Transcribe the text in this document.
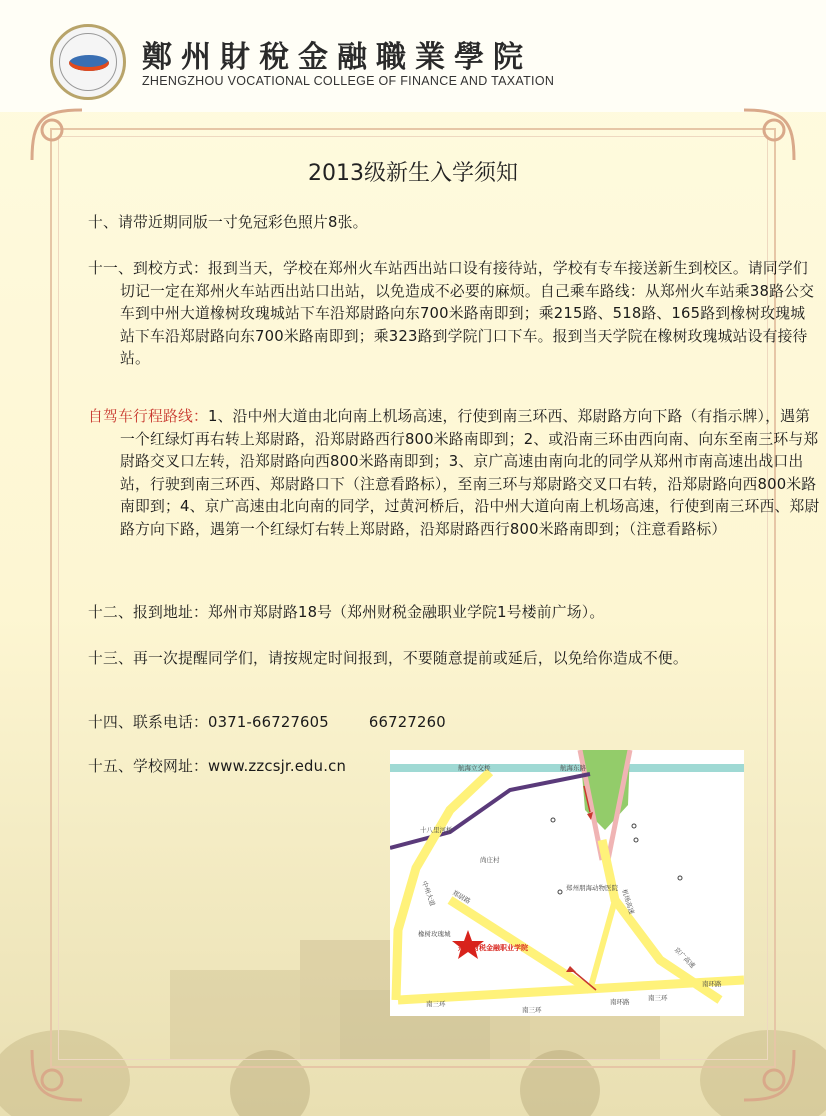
鄭州財稅金融職業學院
ZHENGZHOU VOCATIONAL COLLEGE OF FINANCE AND TAXATION
2013级新生入学须知
十、请带近期同版一寸免冠彩色照片8张。
十一、到校方式：报到当天，学校在郑州火车站西出站口设有接待站，学校有专车接送新生到校区。请同学们切记一定在郑州火车站西出站口出站，以免造成不必要的麻烦。自己乘车路线：从郑州火车站乘38路公交车到中州大道橡树玫瑰城站下车沿郑尉路向东700米路南即到；乘215路、518路、165路到橡树玫瑰城站下车沿郑尉路向东700米路南即到；乘323路到学院门口下车。报到当天学院在橡树玫瑰城站设有接待站。
自驾车行程路线：1、沿中州大道由北向南上机场高速，行使到南三环西、郑尉路方向下路（有指示牌），遇第一个红绿灯再右转上郑尉路，沿郑尉路西行800米路南即到；2、或沿南三环由西向南、向东至南三环与郑尉路交叉口左转，沿郑尉路向西800米路南即到；3、京广高速由南向北的同学从郑州市南高速出战口出站，行驶到南三环西、郑尉路口下（注意看路标），至南三环与郑尉路交叉口右转，沿郑尉路向西800米路南即到；4、京广高速由北向南的同学，过黄河桥后，沿中州大道向南上机场高速，行使到南三环西、郑尉路方向下路，遇第一个红绿灯右转上郑尉路，沿郑尉路西行800米路南即到；（注意看路标）
十二、报到地址：郑州市郑尉路18号（郑州财税金融职业学院1号楼前广场）。
十三、再一次提醒同学们，请按规定时间报到，不要随意提前或延后，以免给你造成不便。
十四、联系电话：0371-66727605	66727260
十五、学校网址：www.zzcsjr.edu.cn	航海立交桥	航海东路
十八里河桥
尚庄村
中州大道 郑尉路
橡树玫瑰城
郑州财税金融职业学院
郑州朋海动物医院
机场高速
京广高速
南三环
南三环
南三环
南环路
南环路
